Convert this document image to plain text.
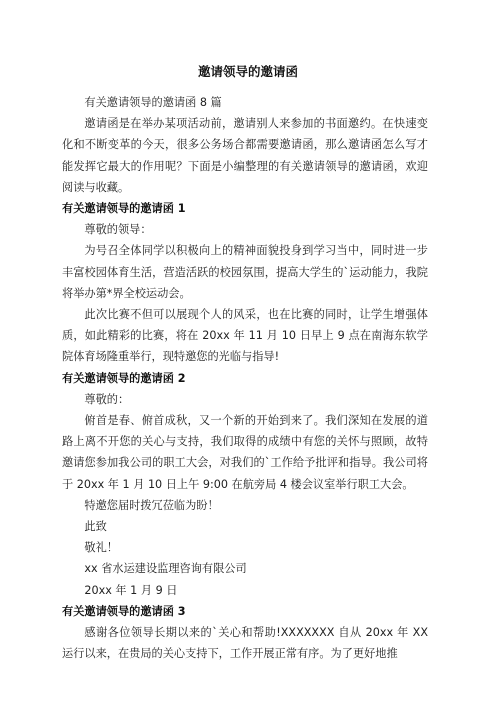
邀请领导的邀请函

有关邀请领导的邀请函 8 篇

邀请函是在举办某项活动前，邀请别人来参加的书面邀约。在快速变化和不断变革的今天，很多公务场合都需要邀请函，那么邀请函怎么写才能发挥它最大的作用呢？下面是小编整理的有关邀请领导的邀请函，欢迎阅读与收藏。

有关邀请领导的邀请函 1

尊敬的领导：

为号召全体同学以积极向上的精神面貌投身到学习当中，同时进一步丰富校园体育生活，营造活跃的校园氛围，提高大学生的`运动能力，我院将举办第*界全校运动会。

此次比赛不但可以展现个人的风采，也在比赛的同时，让学生增强体质，如此精彩的比赛，将在 20xx 年 11 月 10 日早上 9 点在南海东软学院体育场隆重举行，现特邀您的光临与指导!

有关邀请领导的邀请函 2

尊敬的：

俯首是春、俯首成秋，又一个新的开始到来了。我们深知在发展的道路上离不开您的关心与支持，我们取得的成绩中有您的关怀与照顾，故特邀请您参加我公司的职工大会，对我们的`工作给予批评和指导。我公司将于 20xx 年 1 月 10 日上午 9:00 在航旁局 4 楼会议室举行职工大会。

特邀您届时拨冗莅临为盼！

此致

敬礼！

xx 省水运建设监理咨询有限公司

20xx 年 1 月 9 日

有关邀请领导的邀请函 3

感谢各位领导长期以来的`关心和帮助!XXXXXXX 自从 20xx 年 XX 运行以来，在贵局的关心支持下，工作开展正常有序。为了更好地推
